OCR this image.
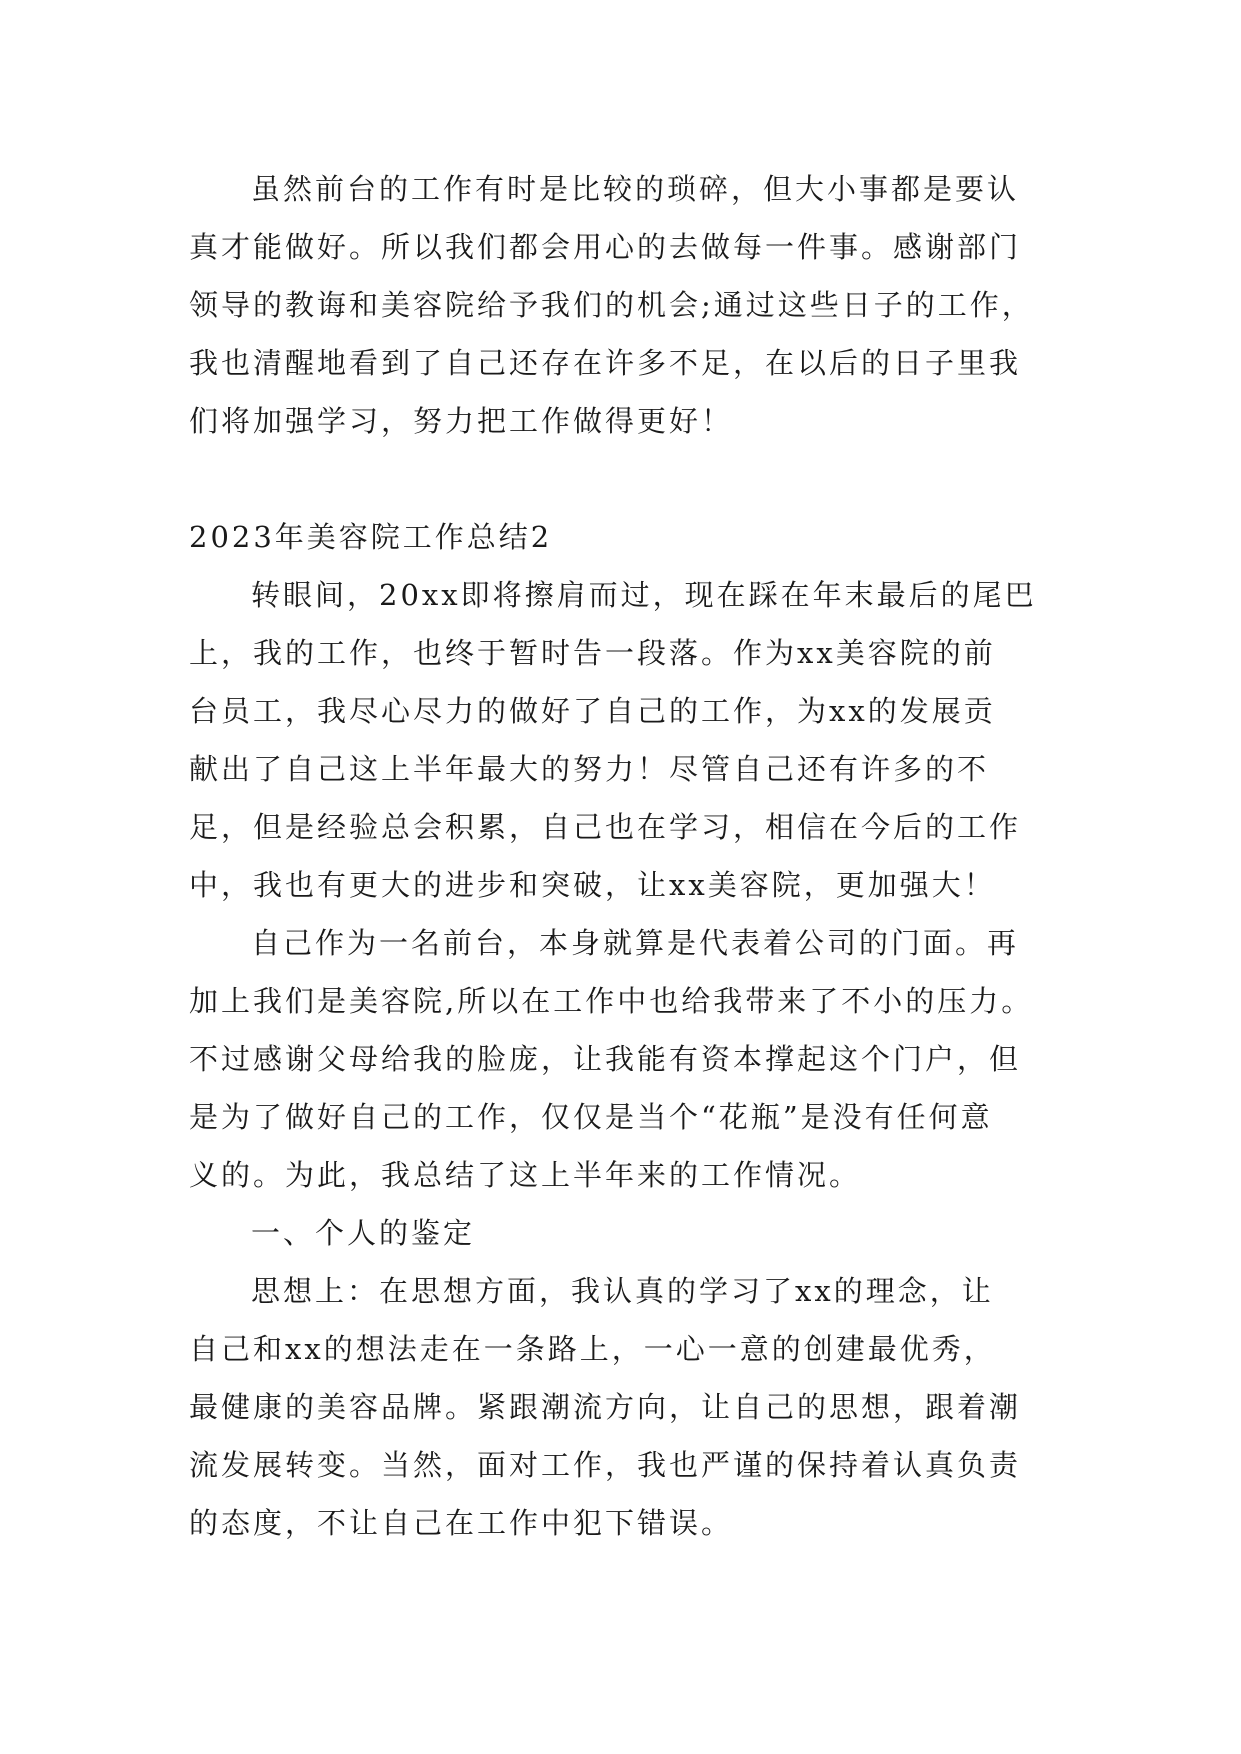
虽然前台的工作有时是比较的琐碎，但大小事都是要认
真才能做好。所以我们都会用心的去做每一件事。感谢部门
领导的教诲和美容院给予我们的机会;通过这些日子的工作，
我也清醒地看到了自己还存在许多不足，在以后的日子里我
们将加强学习，努力把工作做得更好！
2023年美容院工作总结2
转眼间，20xx即将擦肩而过，现在踩在年末最后的尾巴
上，我的工作，也终于暂时告一段落。作为xx美容院的前
台员工，我尽心尽力的做好了自己的工作，为xx的发展贡
献出了自己这上半年最大的努力！尽管自己还有许多的不
足，但是经验总会积累，自己也在学习，相信在今后的工作
中，我也有更大的进步和突破，让xx美容院，更加强大！
自己作为一名前台，本身就算是代表着公司的门面。再
加上我们是美容院,所以在工作中也给我带来了不小的压力。
不过感谢父母给我的脸庞，让我能有资本撑起这个门户，但
是为了做好自己的工作，仅仅是当个“花瓶”是没有任何意
义的。为此，我总结了这上半年来的工作情况。
一、个人的鉴定
思想上：在思想方面，我认真的学习了xx的理念，让
自己和xx的想法走在一条路上，一心一意的创建最优秀，
最健康的美容品牌。紧跟潮流方向，让自己的思想，跟着潮
流发展转变。当然，面对工作，我也严谨的保持着认真负责
的态度，不让自己在工作中犯下错误。
